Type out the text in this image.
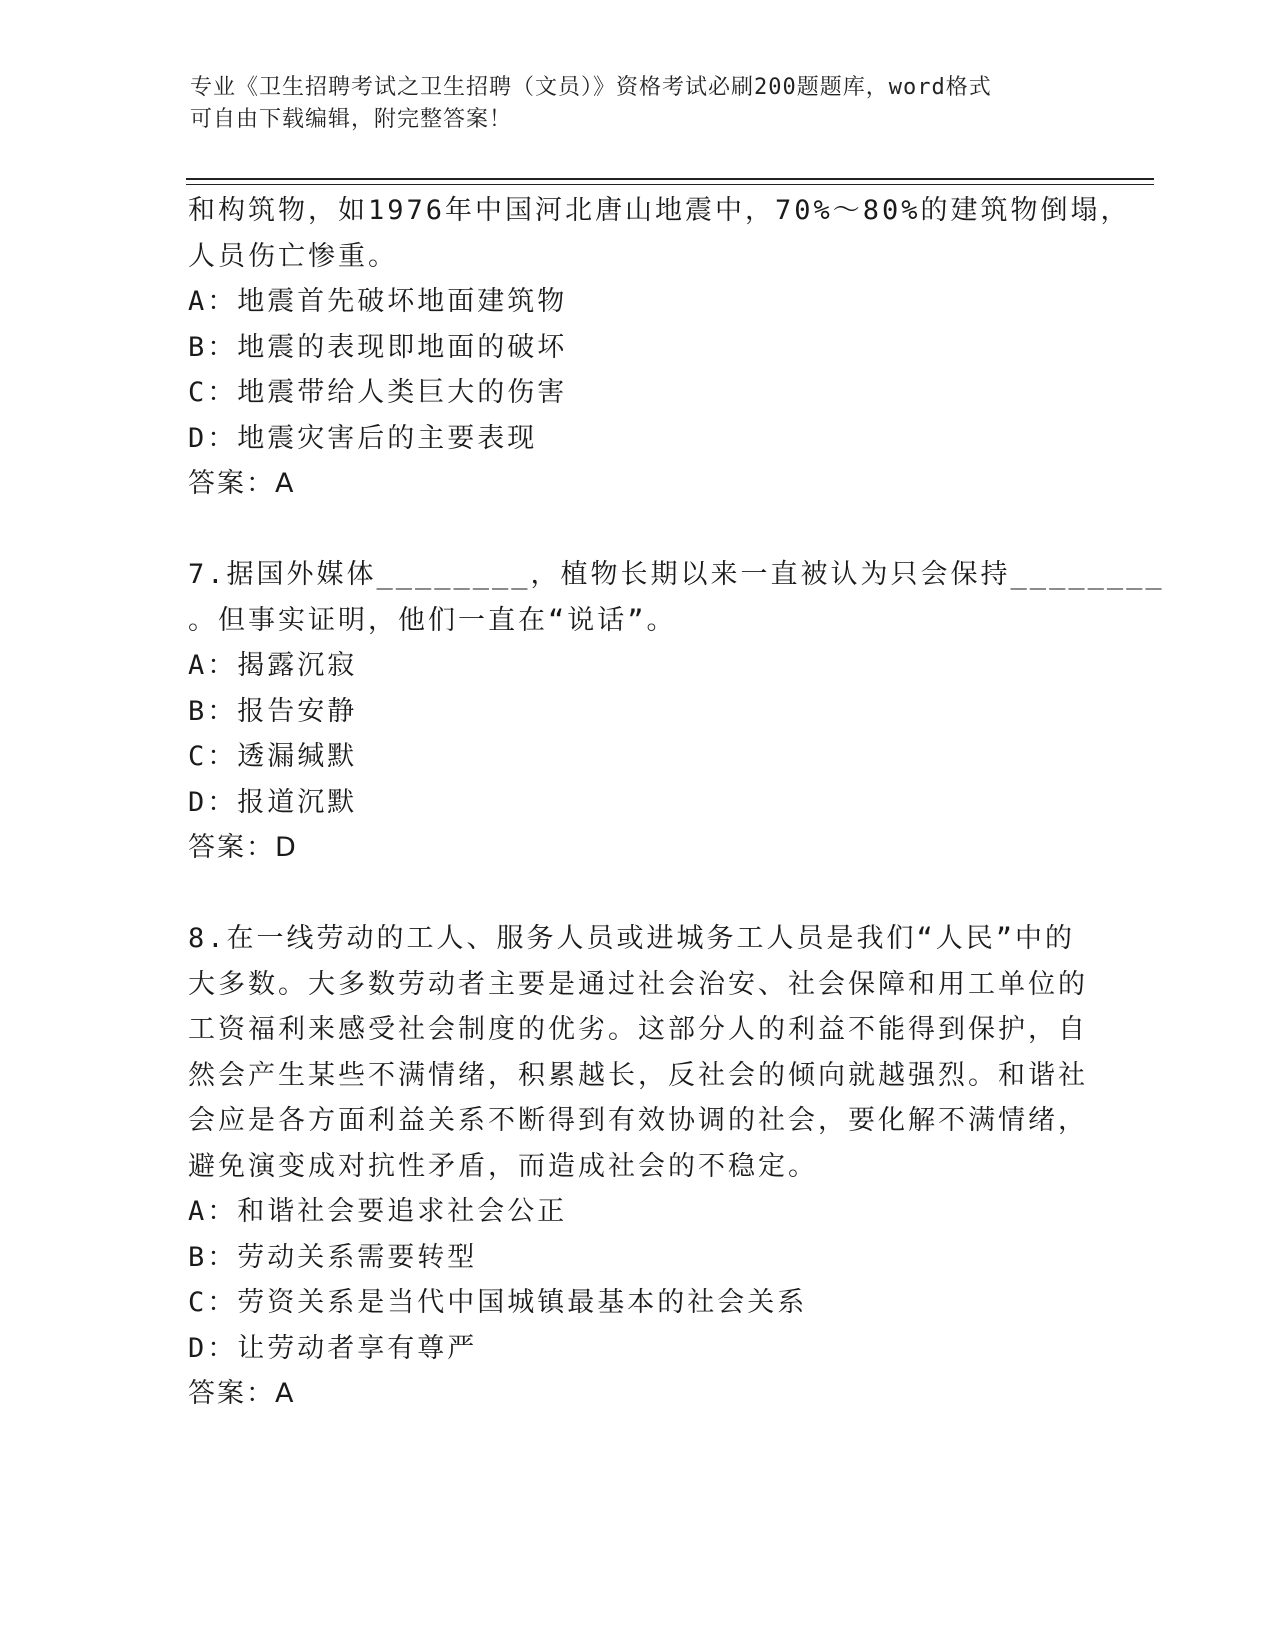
专业《卫生招聘考试之卫生招聘（文员）》资格考试必刷200题题库，word格式
可自由下载编辑，附完整答案！
和构筑物，如1976年中国河北唐山地震中，70%～80%的建筑物倒塌，
人员伤亡惨重。
A：地震首先破坏地面建筑物
B：地震的表现即地面的破坏
C：地震带给人类巨大的伤害
D：地震灾害后的主要表现
答案：A
7.据国外媒体________，植物长期以来一直被认为只会保持________
。但事实证明，他们一直在“说话”。
A：揭露沉寂
B：报告安静
C：透漏缄默
D：报道沉默
答案：D
8.在一线劳动的工人、服务人员或进城务工人员是我们“人民”中的
大多数。大多数劳动者主要是通过社会治安、社会保障和用工单位的
工资福利来感受社会制度的优劣。这部分人的利益不能得到保护，自
然会产生某些不满情绪，积累越长，反社会的倾向就越强烈。和谐社
会应是各方面利益关系不断得到有效协调的社会，要化解不满情绪，
避免演变成对抗性矛盾，而造成社会的不稳定。
A：和谐社会要追求社会公正
B：劳动关系需要转型
C：劳资关系是当代中国城镇最基本的社会关系
D：让劳动者享有尊严
答案：A
